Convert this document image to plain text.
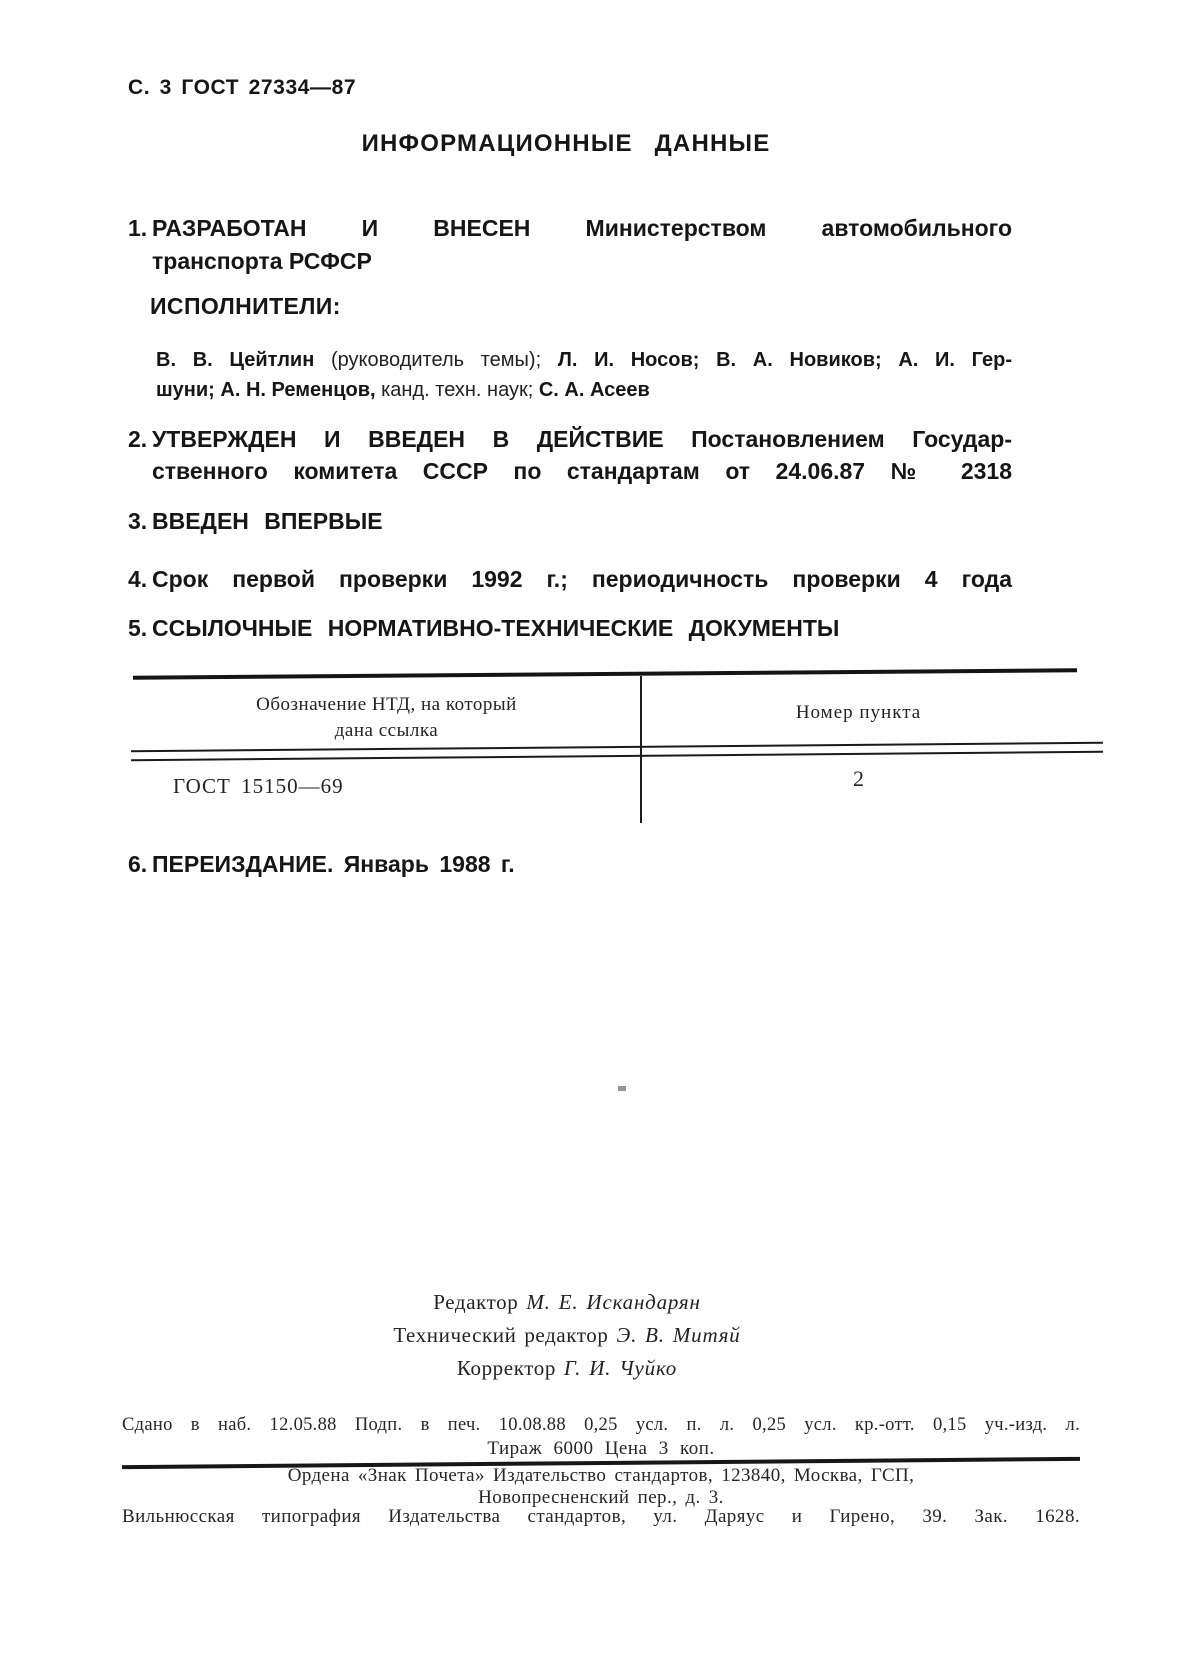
С. 3 ГОСТ 27334—87
ИНФОРМАЦИОННЫЕ ДАННЫЕ
1. РАЗРАБОТАН И ВНЕСЕН Министерством автомобильного
транспорта РСФСР
ИСПОЛНИТЕЛИ:
В. В. Цейтлин (руководитель темы); Л. И. Носов; В. А. Новиков; А. И. Гер-
шуни; А. Н. Ременцов, канд. техн. наук; С. А. Асеев
2. УТВЕРЖДЕН И ВВЕДЕН В ДЕЙСТВИЕ Постановлением Государ-
ственного комитета СССР по стандартам от 24.06.87 № 2318
3. ВВЕДЕН ВПЕРВЫЕ
4. Срок первой проверки 1992 г.; периодичность проверки 4 года
5. ССЫЛОЧНЫЕ НОРМАТИВНО-ТЕХНИЧЕСКИЕ ДОКУМЕНТЫ
Обозначение НТД, на который
дана ссылка
Номер пункта
ГОСТ 15150—69	2
6. ПЕРЕИЗДАНИЕ. Январь 1988 г.
Редактор М. Е. Искандарян
Технический редактор Э. В. Митяй
Корректор Г. И. Чуйко
Сдано в наб. 12.05.88 Подп. в печ. 10.08.88 0,25 усл. п. л. 0,25 усл. кр.-отт. 0,15 уч.-изд. л.
Тираж 6000 Цена 3 коп.
Ордена «Знак Почета» Издательство стандартов, 123840, Москва, ГСП,
Новопресненский пер., д. 3.
Вильнюсская типография Издательства стандартов, ул. Даряус и Гирено, 39. Зак. 1628.
